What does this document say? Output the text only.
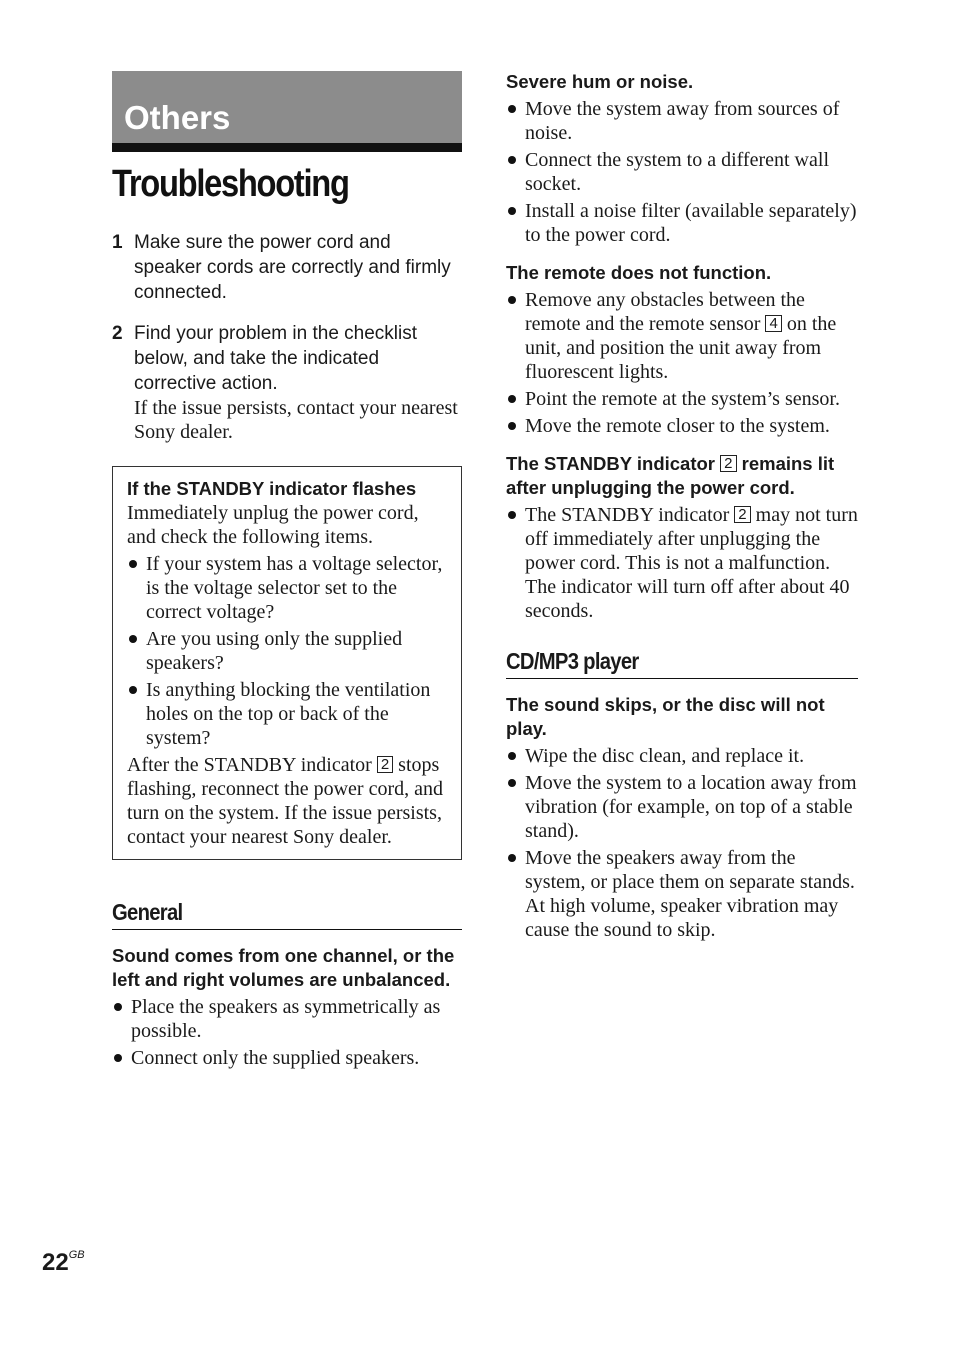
Others
Troubleshooting
1 Make sure the power cord and speaker cords are correctly and firmly connected.
2 Find your problem in the checklist below, and take the indicated corrective action.
If the issue persists, contact your nearest Sony dealer.
If the STANDBY indicator flashes

Immediately unplug the power cord, and check the following items.

If your system has a voltage selector, is the voltage selector set to the correct voltage?
Are you using only the supplied speakers?
Is anything blocking the ventilation holes on the top or back of the system?

After the STANDBY indicator 2 stops flashing, reconnect the power cord, and turn on the system. If the issue persists, contact your nearest Sony dealer.

General

Sound comes from one channel, or the left and right volumes are unbalanced.

Place the speakers as symmetrically as possible.
Connect only the supplied speakers.

Severe hum or noise.

Move the system away from sources of noise.
Connect the system to a different wall socket.
Install a noise filter (available separately) to the power cord.

The remote does not function.

Remove any obstacles between the remote and the remote sensor 4 on the unit, and position the unit away from fluorescent lights.
Point the remote at the system’s sensor.
Move the remote closer to the system.

The STANDBY indicator 2 remains lit after unplugging the power cord.

The STANDBY indicator 2 may not turn off immediately after unplugging the power cord. This is not a malfunction. The indicator will turn off after about 40 seconds.
CD/MP3 player

The sound skips, or the disc will not play.

Wipe the disc clean, and replace it.
Move the system to a location away from vibration (for example, on top of a stable stand).
Move the speakers away from the system, or place them on separate stands. At high volume, speaker vibration may cause the sound to skip.
$22^{GB}$
